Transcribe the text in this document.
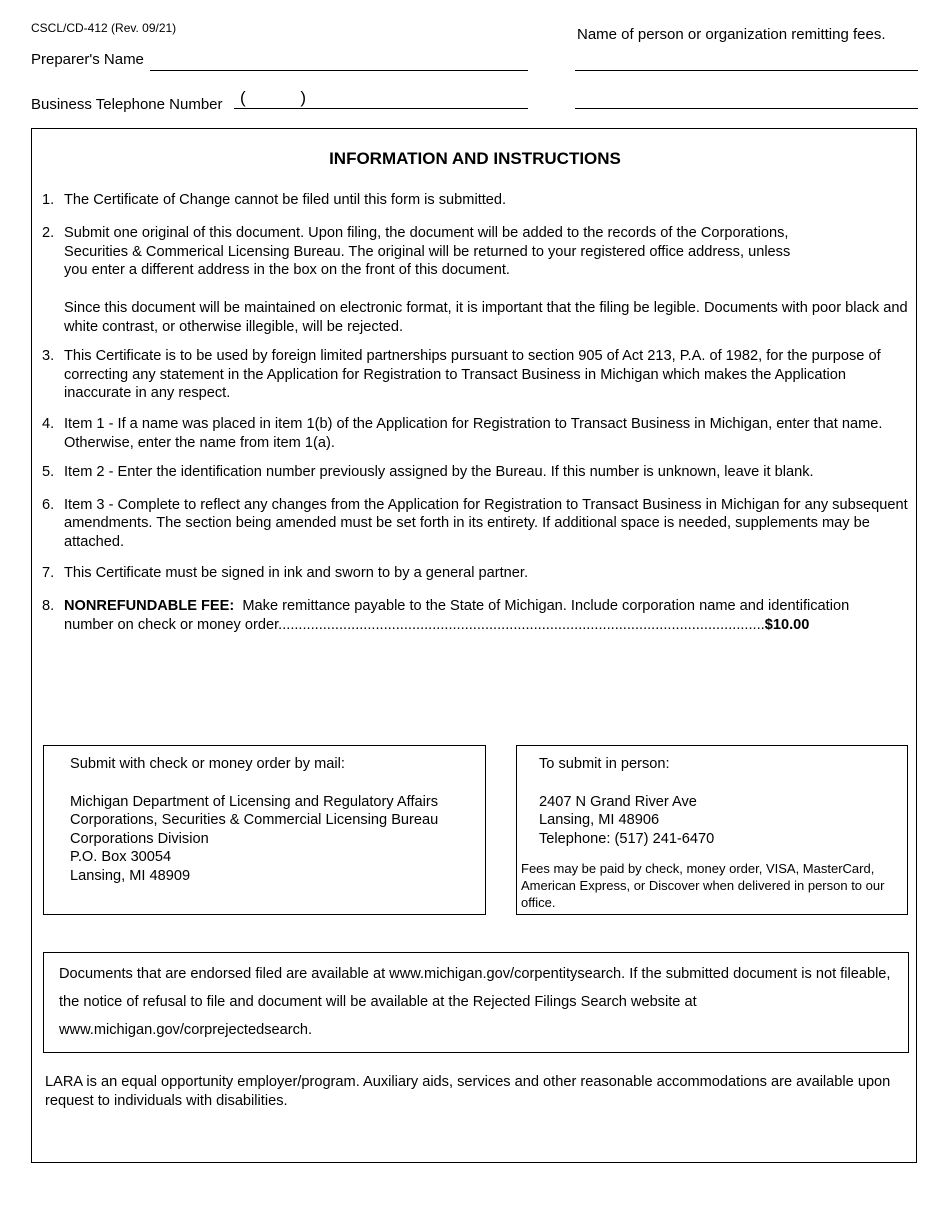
CSCL/CD-412 (Rev. 09/21)	Name of person or organization remitting fees.
Preparer's Name
Business Telephone Number (	)
INFORMATION AND INSTRUCTIONS
1. The Certificate of Change cannot be filed until this form is submitted.

2. Submit one original of this document. Upon filing, the document will be added to the records of the Corporations, Securities & Commerical Licensing Bureau. The original will be returned to your registered office address, unless you enter a different address in the box on the front of this document.

Since this document will be maintained on electronic format, it is important that the filing be legible. Documents with poor black and white contrast, or otherwise illegible, will be rejected.

3. This Certificate is to be used by foreign limited partnerships pursuant to section 905 of Act 213, P.A. of 1982, for the purpose of correcting any statement in the Application for Registration to Transact Business in Michigan which makes the Application inaccurate in any respect.

4. Item 1 - If a name was placed in item 1(b) of the Application for Registration to Transact Business in Michigan, enter that name. Otherwise, enter the name from item 1(a).

5. Item 2 - Enter the identification number previously assigned by the Bureau. If this number is unknown, leave it blank.

6. Item 3 - Complete to reflect any changes from the Application for Registration to Transact Business in Michigan for any subsequent amendments. The section being amended must be set forth in its entirety. If additional space is needed, supplements may be attached.

7. This Certificate must be signed in ink and sworn to by a general partner.

8. NONREFUNDABLE FEE: Make remittance payable to the State of Michigan. Include corporation name and identification number on check or money order........................................................................................................................$10.00

Submit with check or money order by mail:
Michigan Department of Licensing and Regulatory Affairs
Corporations, Securities & Commercial Licensing Bureau
Corporations Division
P.O. Box 30054
Lansing, MI 48909
To submit in person:
2407 N Grand River Ave
Lansing, MI 48906
Telephone: (517) 241-6470
Fees may be paid by check, money order, VISA, MasterCard, American Express, or Discover when delivered in person to our office.
Documents that are endorsed filed are available at www.michigan.gov/corpentitysearch. If the submitted document is not fileable, the notice of refusal to file and document will be available at the Rejected Filings Search website at www.michigan.gov/corprejectedsearch.
LARA is an equal opportunity employer/program. Auxiliary aids, services and other reasonable accommodations are available upon request to individuals with disabilities.
